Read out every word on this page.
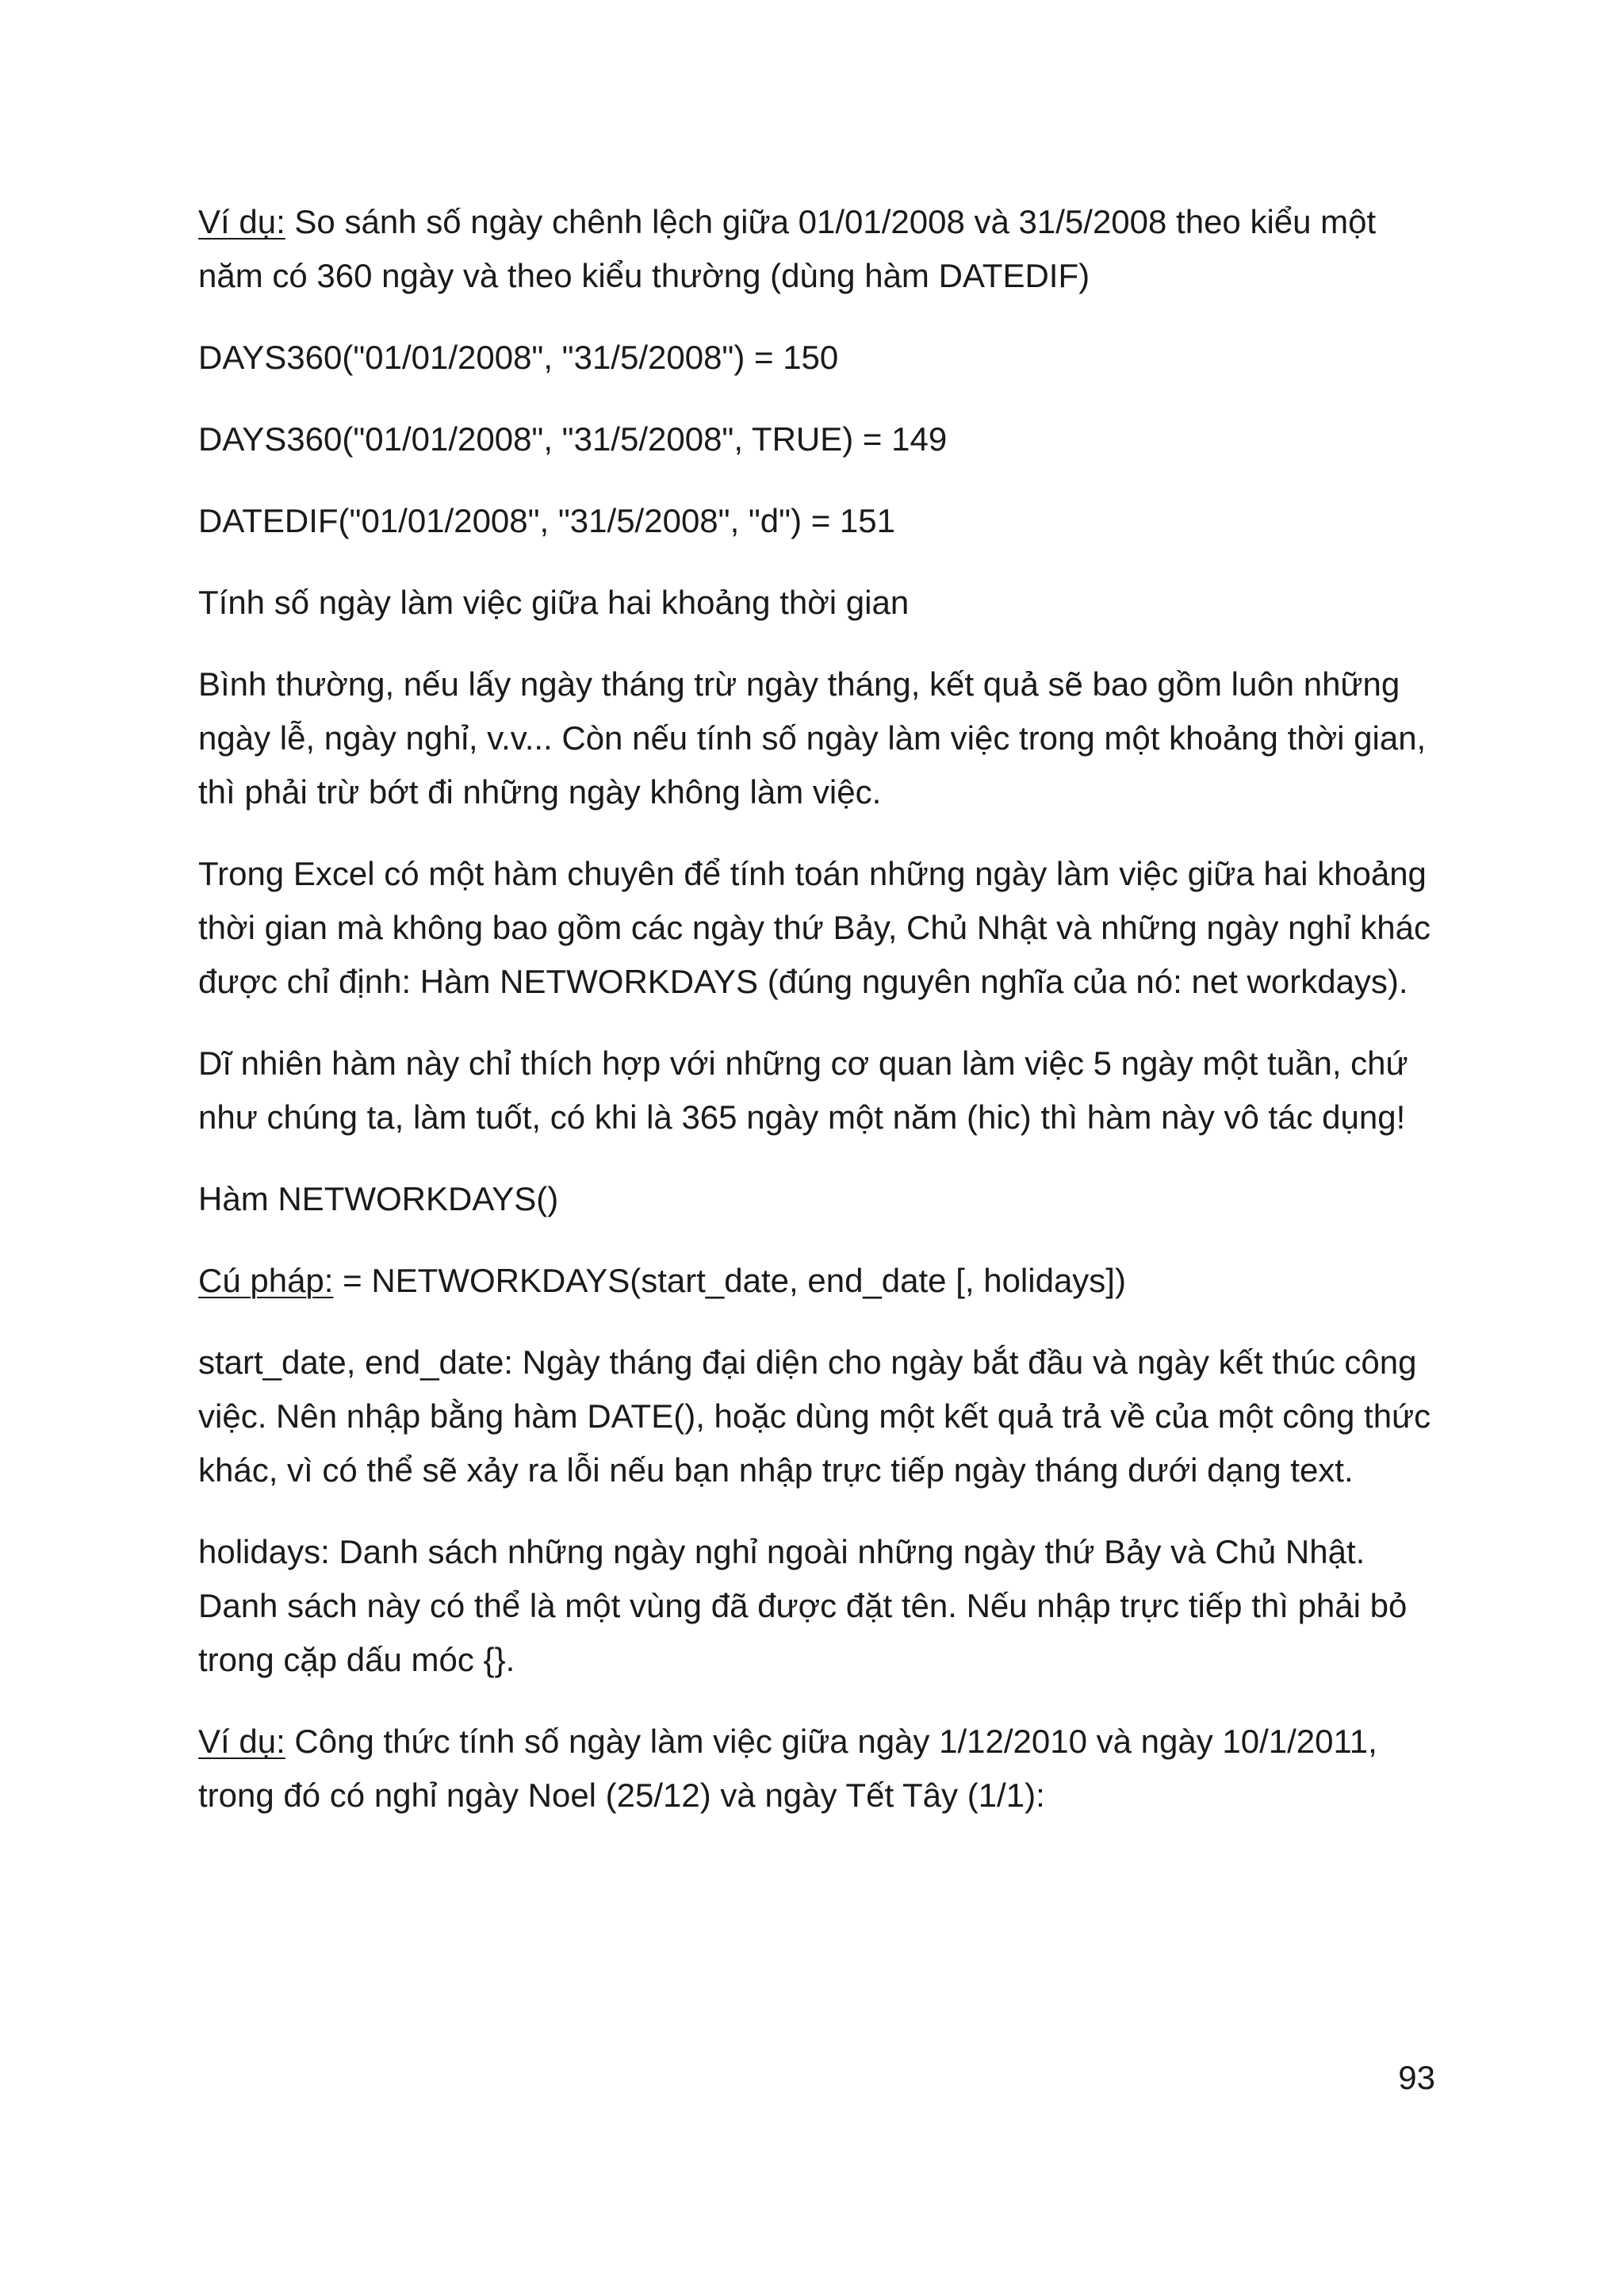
Ví dụ: So sánh số ngày chênh lệch giữa 01/01/2008 và 31/5/2008 theo kiểu một năm có 360 ngày và theo kiểu thường (dùng hàm DATEDIF)

DAYS360("01/01/2008", "31/5/2008") = 150

DAYS360("01/01/2008", "31/5/2008", TRUE) = 149

DATEDIF("01/01/2008", "31/5/2008", "d") = 151

Tính số ngày làm việc giữa hai khoảng thời gian

Bình thường, nếu lấy ngày tháng trừ ngày tháng, kết quả sẽ bao gồm luôn những ngày lễ, ngày nghỉ, v.v... Còn nếu tính số ngày làm việc trong một khoảng thời gian, thì phải trừ bớt đi những ngày không làm việc.

Trong Excel có một hàm chuyên để tính toán những ngày làm việc giữa hai khoảng thời gian mà không bao gồm các ngày thứ Bảy, Chủ Nhật và những ngày nghỉ khác được chỉ định: Hàm NETWORKDAYS (đúng nguyên nghĩa của nó: net workdays).

Dĩ nhiên hàm này chỉ thích hợp với những cơ quan làm việc 5 ngày một tuần, chứ như chúng ta, làm tuốt, có khi là 365 ngày một năm (hic) thì hàm này vô tác dụng!

Hàm NETWORKDAYS()

Cú pháp: = NETWORKDAYS(start_date, end_date [, holidays])

start_date, end_date: Ngày tháng đại diện cho ngày bắt đầu và ngày kết thúc công việc. Nên nhập bằng hàm DATE(), hoặc dùng một kết quả trả về của một công thức khác, vì có thể sẽ xảy ra lỗi nếu bạn nhập trực tiếp ngày tháng dưới dạng text.

holidays: Danh sách những ngày nghỉ ngoài những ngày thứ Bảy và Chủ Nhật. Danh sách này có thể là một vùng đã được đặt tên. Nếu nhập trực tiếp thì phải bỏ trong cặp dấu móc {}.

Ví dụ: Công thức tính số ngày làm việc giữa ngày 1/12/2010 và ngày 10/1/2011, trong đó có nghỉ ngày Noel (25/12) và ngày Tết Tây (1/1):

93
